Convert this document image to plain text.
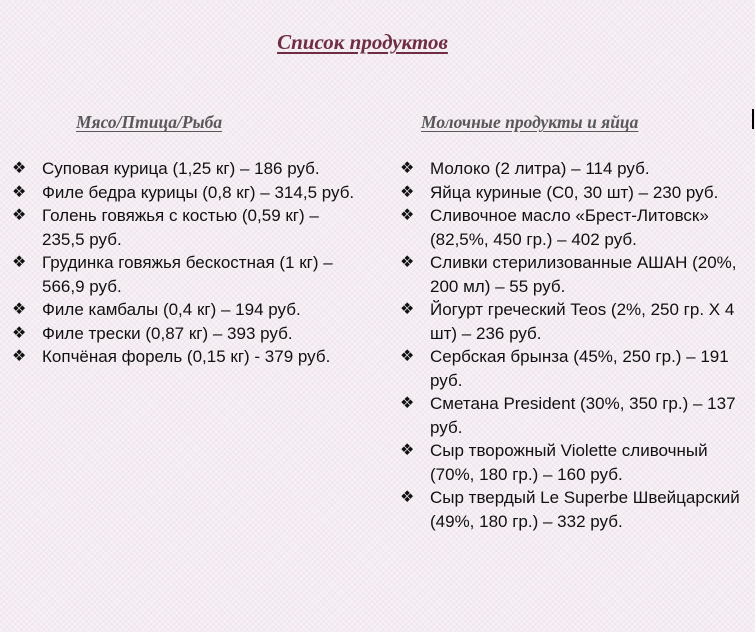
Список продуктов
Мясо/Птица/Рыба
❖ Суповая курица (1,25 кг) – 186 руб.
❖ Филе бедра курицы (0,8 кг) – 314,5 руб.
❖ Голень говяжья с костью (0,59 кг) – 235,5 руб.
❖ Грудинка говяжья бескостная (1 кг) – 566,9 руб.
❖ Филе камбалы (0,4 кг) – 194 руб.
❖ Филе трески (0,87 кг) – 393 руб.
❖ Копчёная форель (0,15 кг) - 379 руб.
Молочные продукты и яйца
❖ Молоко (2 литра) – 114 руб.
❖ Яйца куриные (С0, 30 шт) – 230 руб.
❖ Сливочное масло «Брест-Литовск» (82,5%, 450 гр.) – 402 руб.
❖ Сливки стерилизованные АШАН (20%, 200 мл) – 55 руб.
❖ Йогурт греческий Teos (2%, 250 гр. Х 4 шт) – 236 руб.
❖ Сербская брынза (45%, 250 гр.) – 191 руб.
❖ Сметана President (30%, 350 гр.) – 137 руб.
❖ Сыр творожный Violette сливочный (70%, 180 гр.) – 160 руб.
❖ Сыр твердый Le Superbe Швейцарский (49%, 180 гр.) – 332 руб.
